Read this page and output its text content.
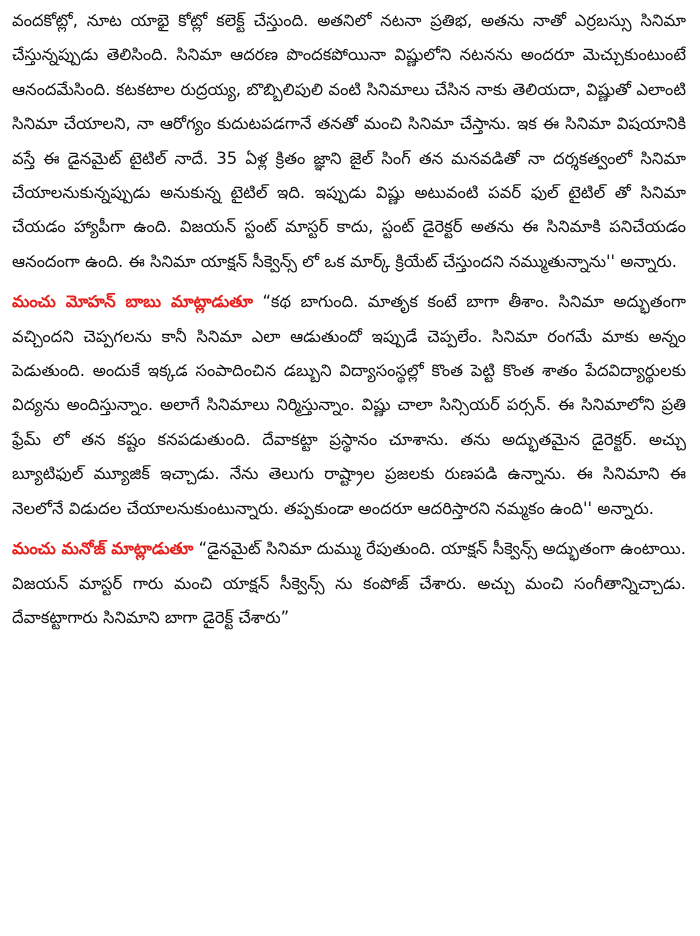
వందకోట్లో, నూట యాభై కోట్లో కలెక్ట్ చేస్తుంది. అతనిలో నటనా ప్రతిభ, అతను నాతో ఎర్రబస్సు సినిమా చేస్తున్నప్పుడు తెలిసింది. సినిమా ఆదరణ పొందకపోయినా విష్ణులోని నటనను అందరూ మెచ్చుకుంటుంటే ఆనందమేసింది. కటకటాల రుద్రయ్య, బొబ్బిలిపులి వంటి సినిమాలు చేసిన నాకు తెలియదా, విష్ణుతో ఎలాంటి సినిమా చేయాలని, నా ఆరోగ్యం కుదుటపడగానే తనతో మంచి సినిమా చేస్తాను. ఇక ఈ సినిమా విషయానికి వస్తే ఈ డైనమైట్ టైటిల్ నాదే. 35 ఏళ్ల క్రితం జ్ఞాని జైల్ సింగ్ తన మనవడితో నా దర్శకత్వంలో సినిమా చేయాలనుకున్నప్పుడు అనుకున్న టైటిల్ ఇది. ఇప్పుడు విష్ణు అటువంటి పవర్ ఫుల్ టైటిల్ తో సినిమా చేయడం హ్యాపీగా ఉంది. విజయన్ స్టంట్ మాస్టర్ కాదు, స్టంట్ డైరెక్టర్ అతను ఈ సినిమాకి పనిచేయడం ఆనందంగా ఉంది. ఈ సినిమా యాక్షన్ సీక్వెన్స్ లో ఒక మార్క్ క్రియేట్ చేస్తుందని నమ్ముతున్నాను'' అన్నారు.

మంచు మోహన్ బాబు మాట్లాడుతూ “కథ బాగుంది. మాతృక కంటే బాగా తీశాం. సినిమా అద్భుతంగా వచ్చిందని చెప్పగలను కానీ సినిమా ఎలా ఆడుతుందో ఇప్పుడే చెప్పలేం. సినిమా రంగమే మాకు అన్నం పెడుతుంది. అందుకే ఇక్కడ సంపాదించిన డబ్బుని విద్యాసంస్థల్లో కొంత పెట్టి కొంత శాతం పేదవిద్యార్థులకు విద్యను అందిస్తున్నాం. అలాగే సినిమాలు నిర్మిస్తున్నాం. విష్ణు చాలా సిన్సియర్ పర్సన్. ఈ సినిమాలోని ప్రతి ఫ్రేమ్ లో తన కష్టం కనపడుతుంది. దేవాకట్టా ప్రస్థానం చూశాను. తను అద్భుతమైన డైరెక్టర్. అచ్చు బ్యూటిఫుల్ మ్యూజిక్ ఇచ్చాడు. నేను తెలుగు రాష్ట్రాల ప్రజలకు రుణపడి ఉన్నాను. ఈ సినిమాని ఈ నెలలోనే విడుదల చేయాలనుకుంటున్నారు. తప్పకుండా అందరూ ఆదరిస్తారని నమ్మకం ఉంది'' అన్నారు.

మంచు మనోజ్ మాట్లాడుతూ “డైనమైట్ సినిమా దుమ్ము రేపుతుంది. యాక్షన్ సీక్వెన్స్ అద్భుతంగా ఉంటాయి. విజయన్ మాస్టర్ గారు మంచి యాక్షన్ సీక్వెన్స్ ను కంపోజ్ చేశారు. అచ్చు మంచి సంగీతాన్నిచ్చాడు. దేవాకట్టాగారు సినిమాని బాగా డైరెక్ట్ చేశారు”
